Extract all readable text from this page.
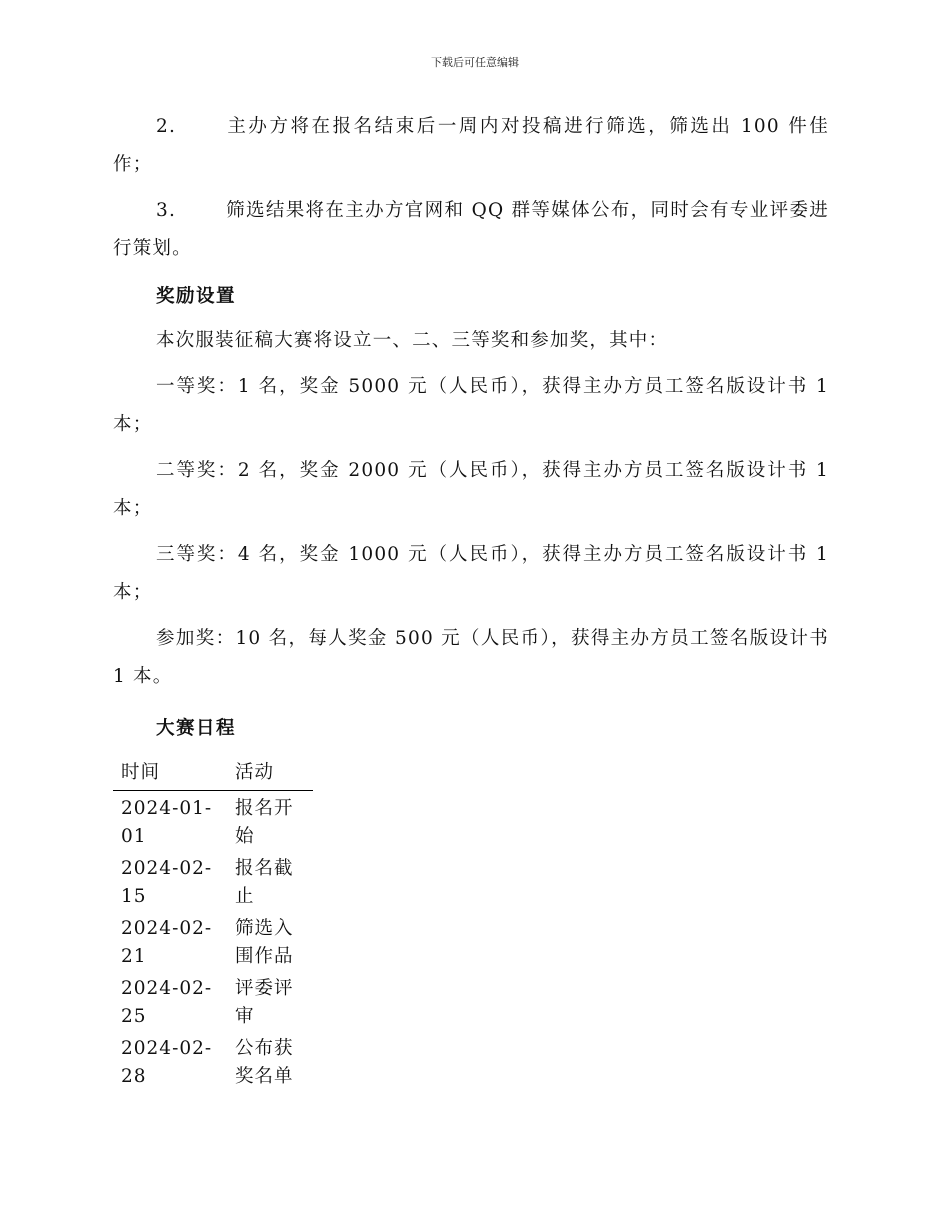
下载后可任意编辑

2.	主办方将在报名结束后一周内对投稿进行筛选，筛选出 100 件佳作；

3.	筛选结果将在主办方官网和 QQ 群等媒体公布，同时会有专业评委进行策划。

奖励设置

本次服装征稿大赛将设立一、二、三等奖和参加奖，其中：

一等奖：1 名，奖金 5000 元（人民币），获得主办方员工签名版设计书 1 本；

二等奖：2 名，奖金 2000 元（人民币），获得主办方员工签名版设计书 1 本；

三等奖：4 名，奖金 1000 元（人民币），获得主办方员工签名版设计书 1 本；

参加奖：10 名，每人奖金 500 元（人民币），获得主办方员工签名版设计书 1 本。

大赛日程
时间	活动
2024-01-01	报名开始
2024-02-15	报名截止
2024-02-21	筛选入围作品
2024-02-25	评委评审
2024-02-28	公布获奖名单
